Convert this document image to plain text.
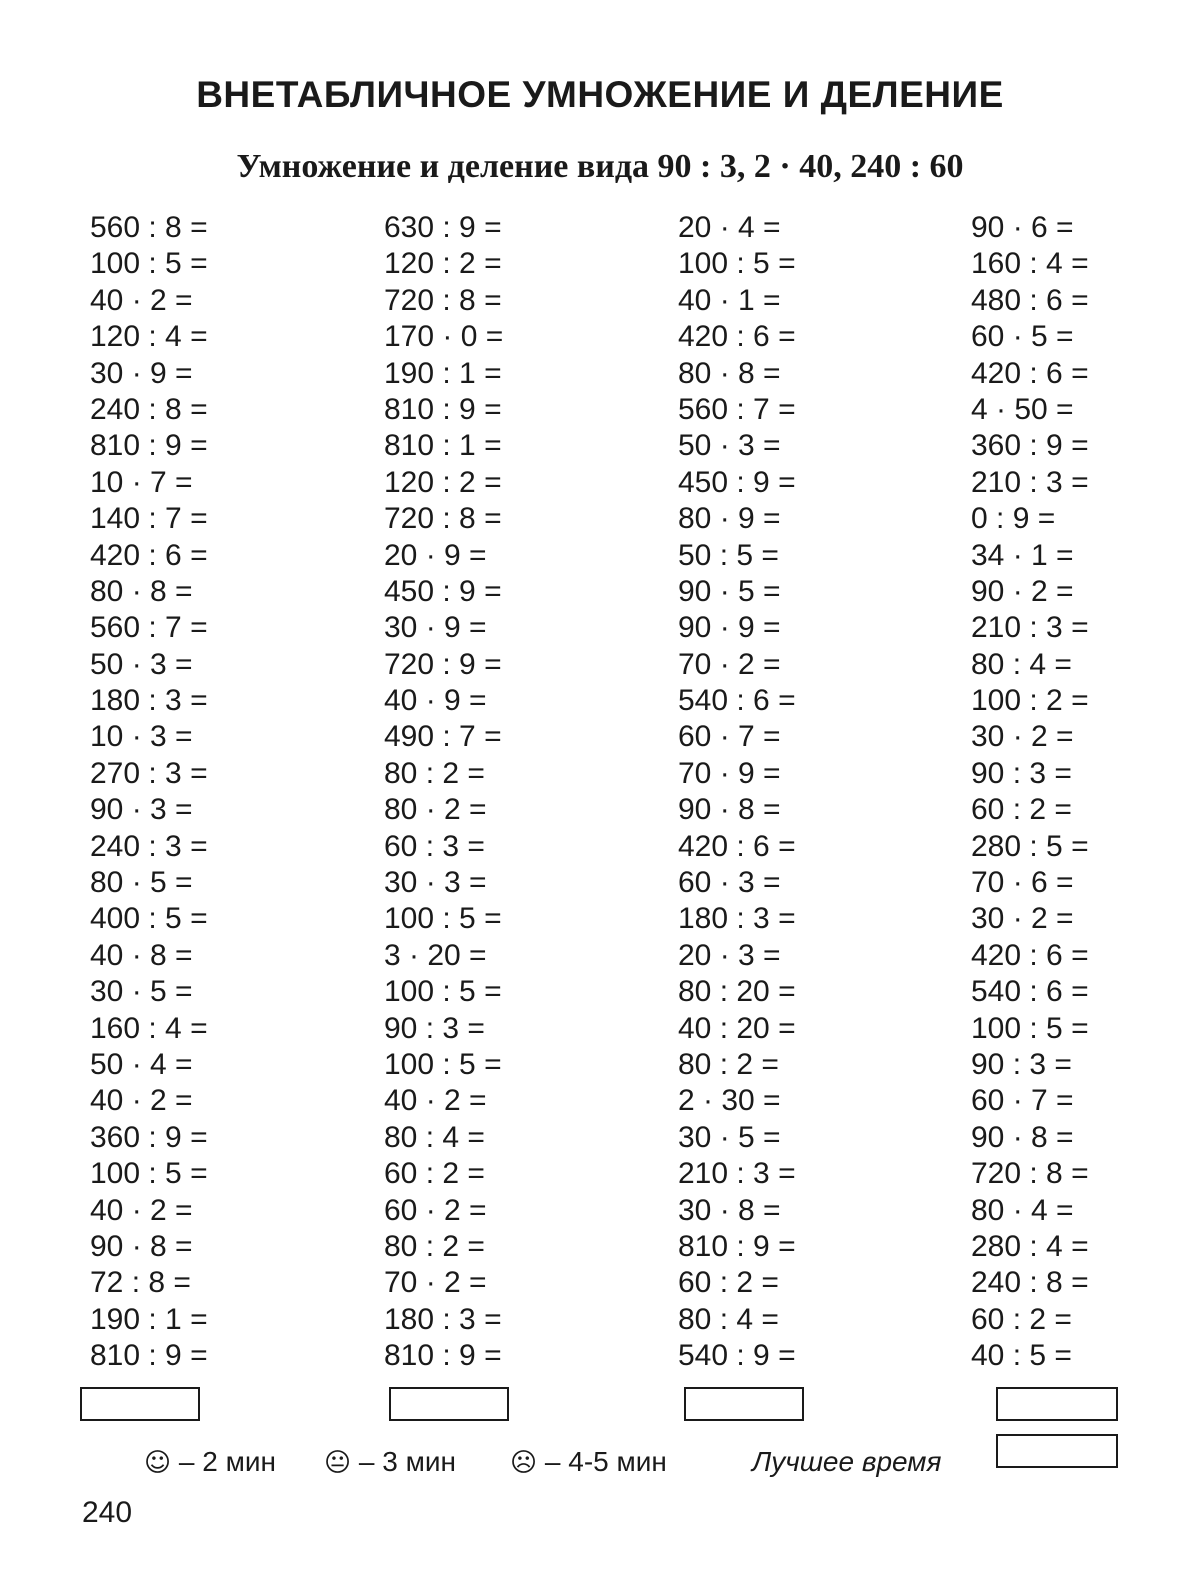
ВНЕТАБЛИЧНОЕ УМНОЖЕНИЕ И ДЕЛЕНИЕ
Умножение и деление вида 90 : 3, 2 · 40, 240 : 60
560 : 8 =
100 : 5 =
40 · 2 =
120 : 4 =
30 · 9 =
240 : 8 =
810 : 9 =
10 · 7 =
140 : 7 =
420 : 6 =
80 · 8 =
560 : 7 =
50 · 3 =
180 : 3 =
10 · 3 =
270 : 3 =
90 · 3 =
240 : 3 =
80 · 5 =
400 : 5 =
40 · 8 =
30 · 5 =
160 : 4 =
50 · 4 =
40 · 2 =
360 : 9 =
100 : 5 =
40 · 2 =
90 · 8 =
72 : 8 =
190 : 1 =
810 : 9 =
630 : 9 =
120 : 2 =
720 : 8 =
170 · 0 =
190 : 1 =
810 : 9 =
810 : 1 =
120 : 2 =
720 : 8 =
20 · 9 =
450 : 9 =
30 · 9 =
720 : 9 =
40 · 9 =
490 : 7 =
80 : 2 =
80 · 2 =
60 : 3 =
30 · 3 =
100 : 5 =
3 · 20 =
100 : 5 =
90 : 3 =
100 : 5 =
40 · 2 =
80 : 4 =
60 : 2 =
60 · 2 =
80 : 2 =
70 · 2 =
180 : 3 =
810 : 9 =
20 · 4 =
100 : 5 =
40 · 1 =
420 : 6 =
80 · 8 =
560 : 7 =
50 · 3 =
450 : 9 =
80 · 9 =
50 : 5 =
90 · 5 =
90 · 9 =
70 · 2 =
540 : 6 =
60 · 7 =
70 · 9 =
90 · 8 =
420 : 6 =
60 · 3 =
180 : 3 =
20 · 3 =
80 : 20 =
40 : 20 =
80 : 2 =
2 · 30 =
30 · 5 =
210 : 3 =
30 · 8 =
810 : 9 =
60 : 2 =
80 : 4 =
540 : 9 =
90 · 6 =
160 : 4 =
480 : 6 =
60 · 5 =
420 : 6 =
4 · 50 =
360 : 9 =
210 : 3 =
0 : 9 =
34 · 1 =
90 · 2 =
210 : 3 =
80 : 4 =
100 : 2 =
30 · 2 =
90 : 3 =
60 : 2 =
280 : 5 =
70 · 6 =
30 · 2 =
420 : 6 =
540 : 6 =
100 : 5 =
90 : 3 =
60 · 7 =
90 · 8 =
720 : 8 =
80 · 4 =
280 : 4 =
240 : 8 =
60 : 2 =
40 : 5 =
☺ – 2 мин 😐 – 3 мин ☹ – 4-5 мин	Лучшее время
240
